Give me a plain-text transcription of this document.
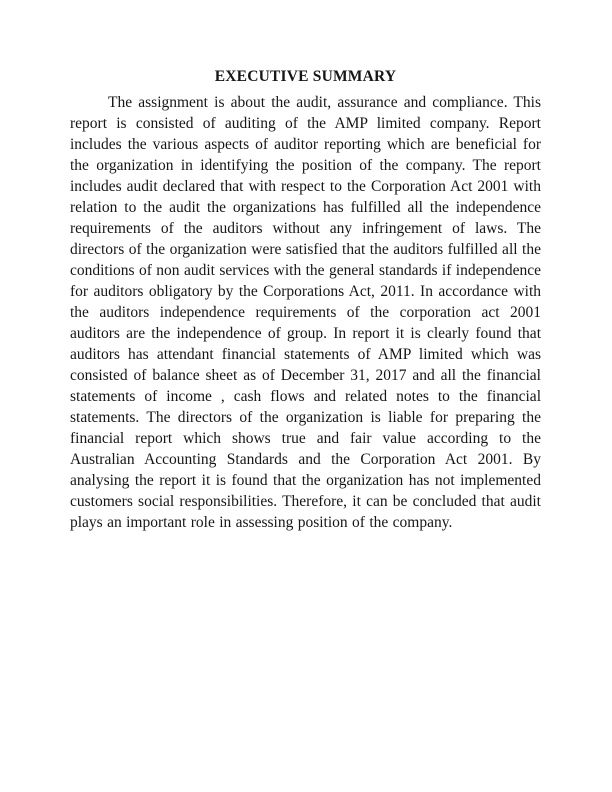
EXECUTIVE SUMMARY

The assignment is about the audit, assurance and compliance. This report is consisted of auditing of the AMP limited company. Report includes the various aspects of auditor reporting which are beneficial for the organization in identifying the position of the company. The report includes audit declared that with respect to the Corporation Act 2001 with relation to the audit the organizations has fulfilled all the independence requirements of the auditors without any infringement of laws. The directors of the organization were satisfied that the auditors fulfilled all the conditions of non audit services with the general standards if independence for auditors obligatory by the Corporations Act, 2011. In accordance with the auditors independence requirements of the corporation act 2001 auditors are the independence of group. In report it is clearly found that auditors has attendant financial statements of AMP limited which was consisted of balance sheet as of December 31, 2017 and all the financial statements of income , cash flows and related notes to the financial statements. The directors of the organization is liable for preparing the financial report which shows true and fair value according to the Australian Accounting Standards and the Corporation Act 2001. By analysing the report it is found that the organization has not implemented customers social responsibilities. Therefore, it can be concluded that audit plays an important role in assessing position of the company.
